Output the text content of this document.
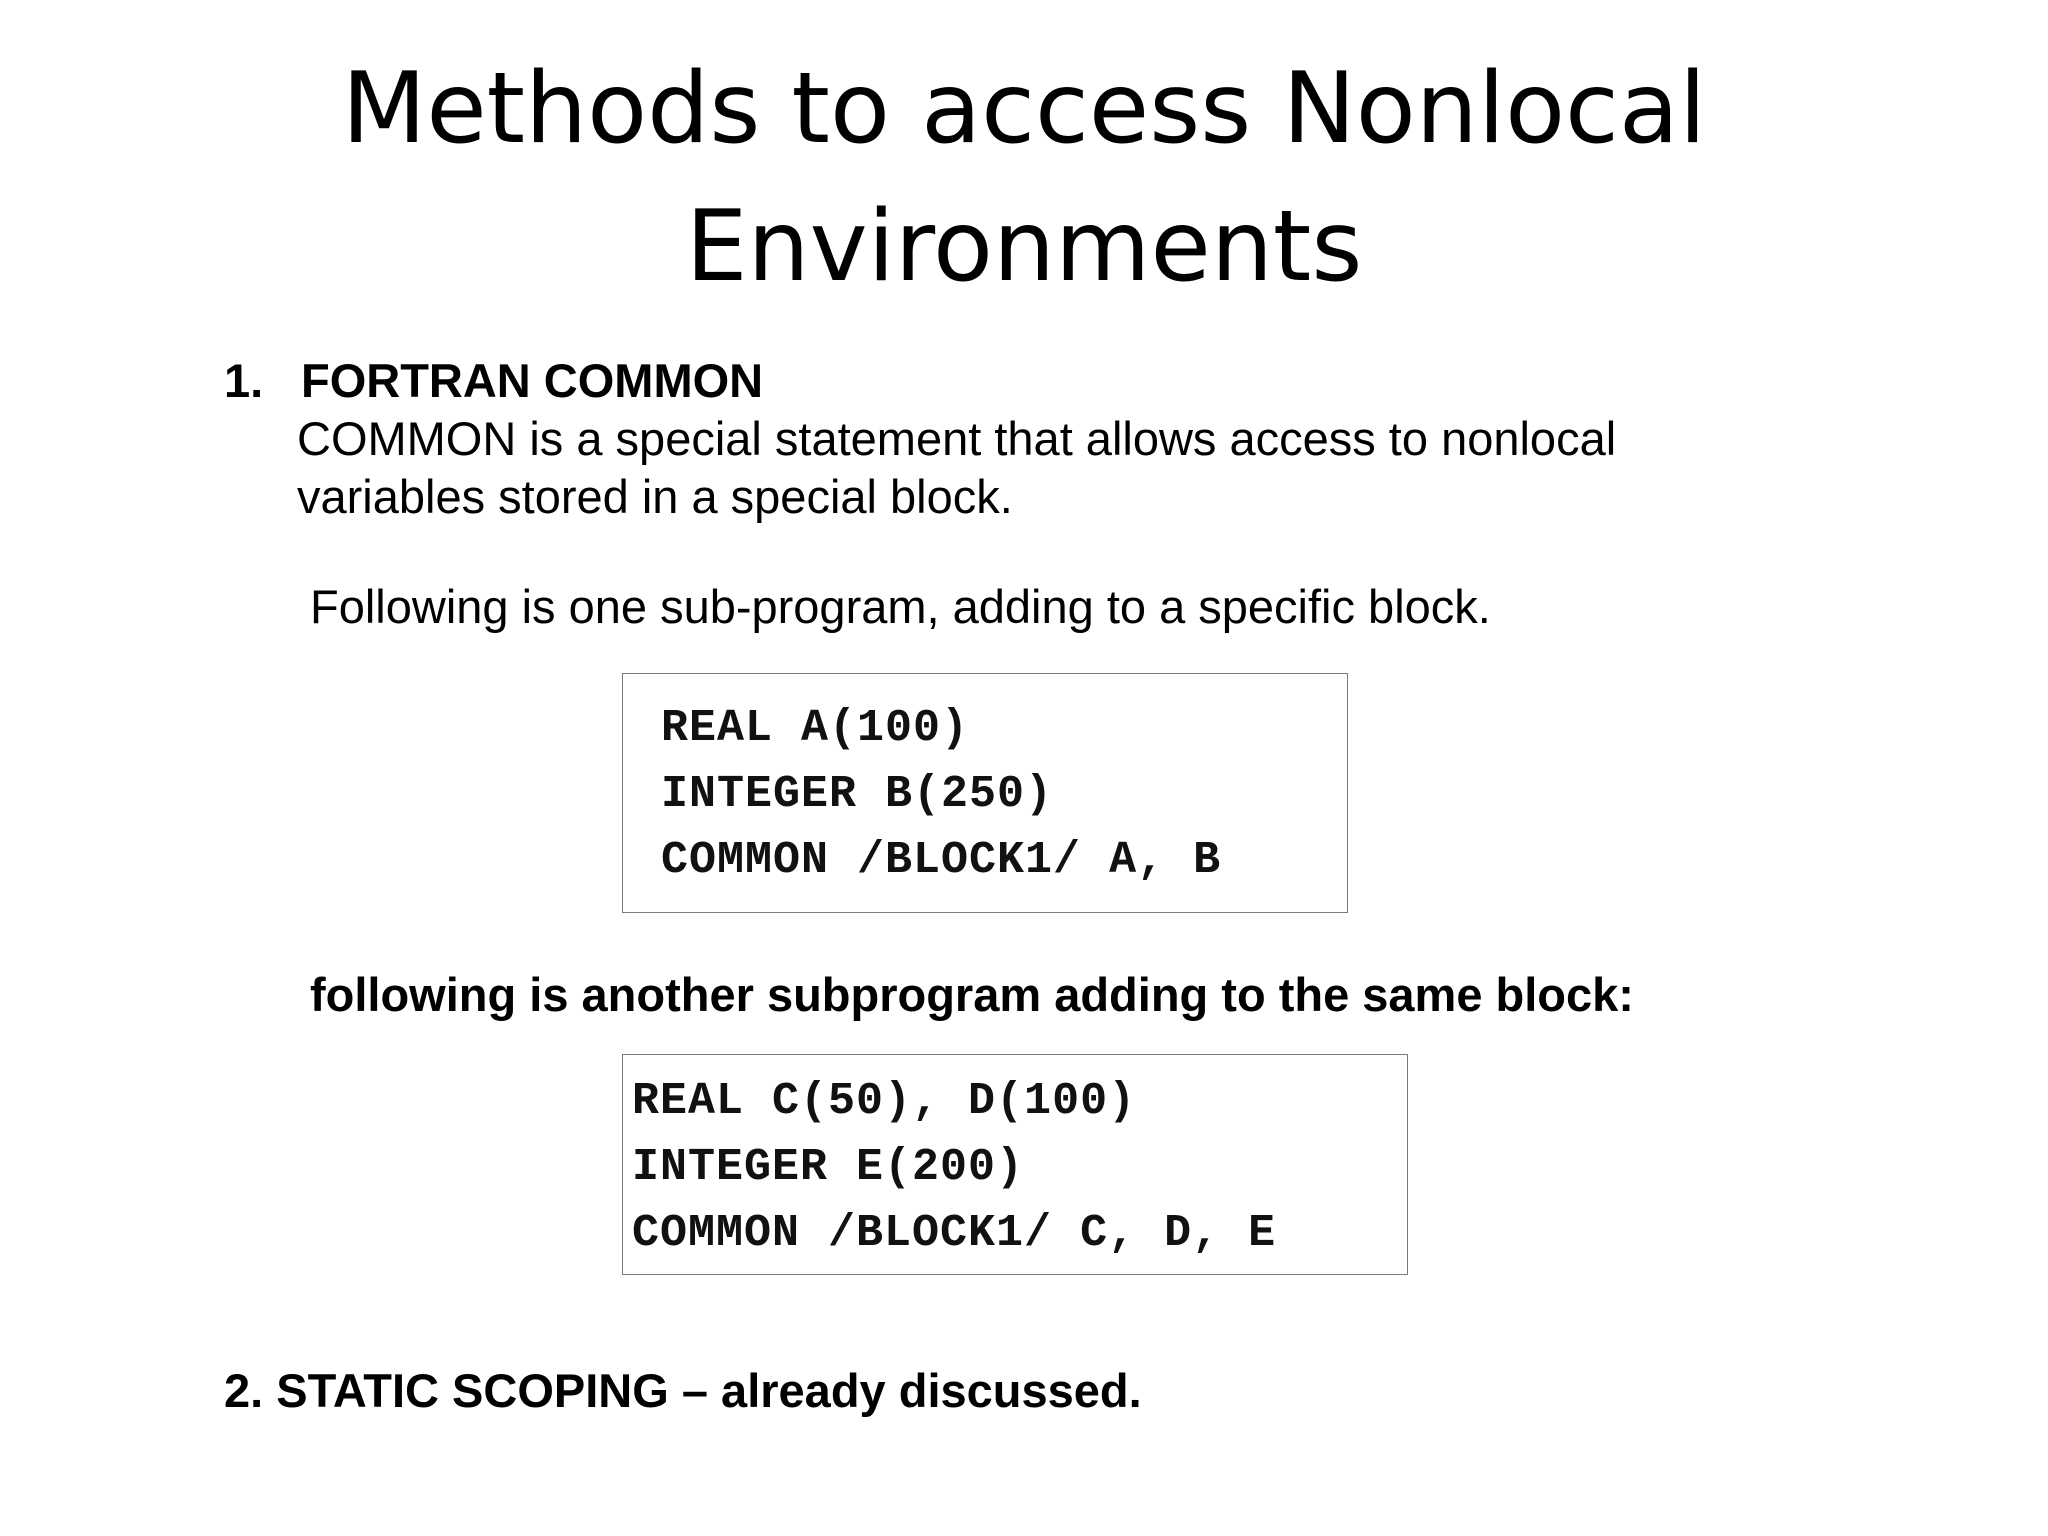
Methods to access Nonlocal
Environments
1. FORTRAN COMMON
COMMON is a special statement that allows access to nonlocal
variables stored in a special block.
Following is one sub-program, adding to a specific block.
REAL A(100)
INTEGER B(250)
COMMON /BLOCK1/ A, B
following is another subprogram adding to the same block:
REAL C(50), D(100)
INTEGER E(200)
COMMON /BLOCK1/ C, D, E
2. STATIC SCOPING – already discussed.
